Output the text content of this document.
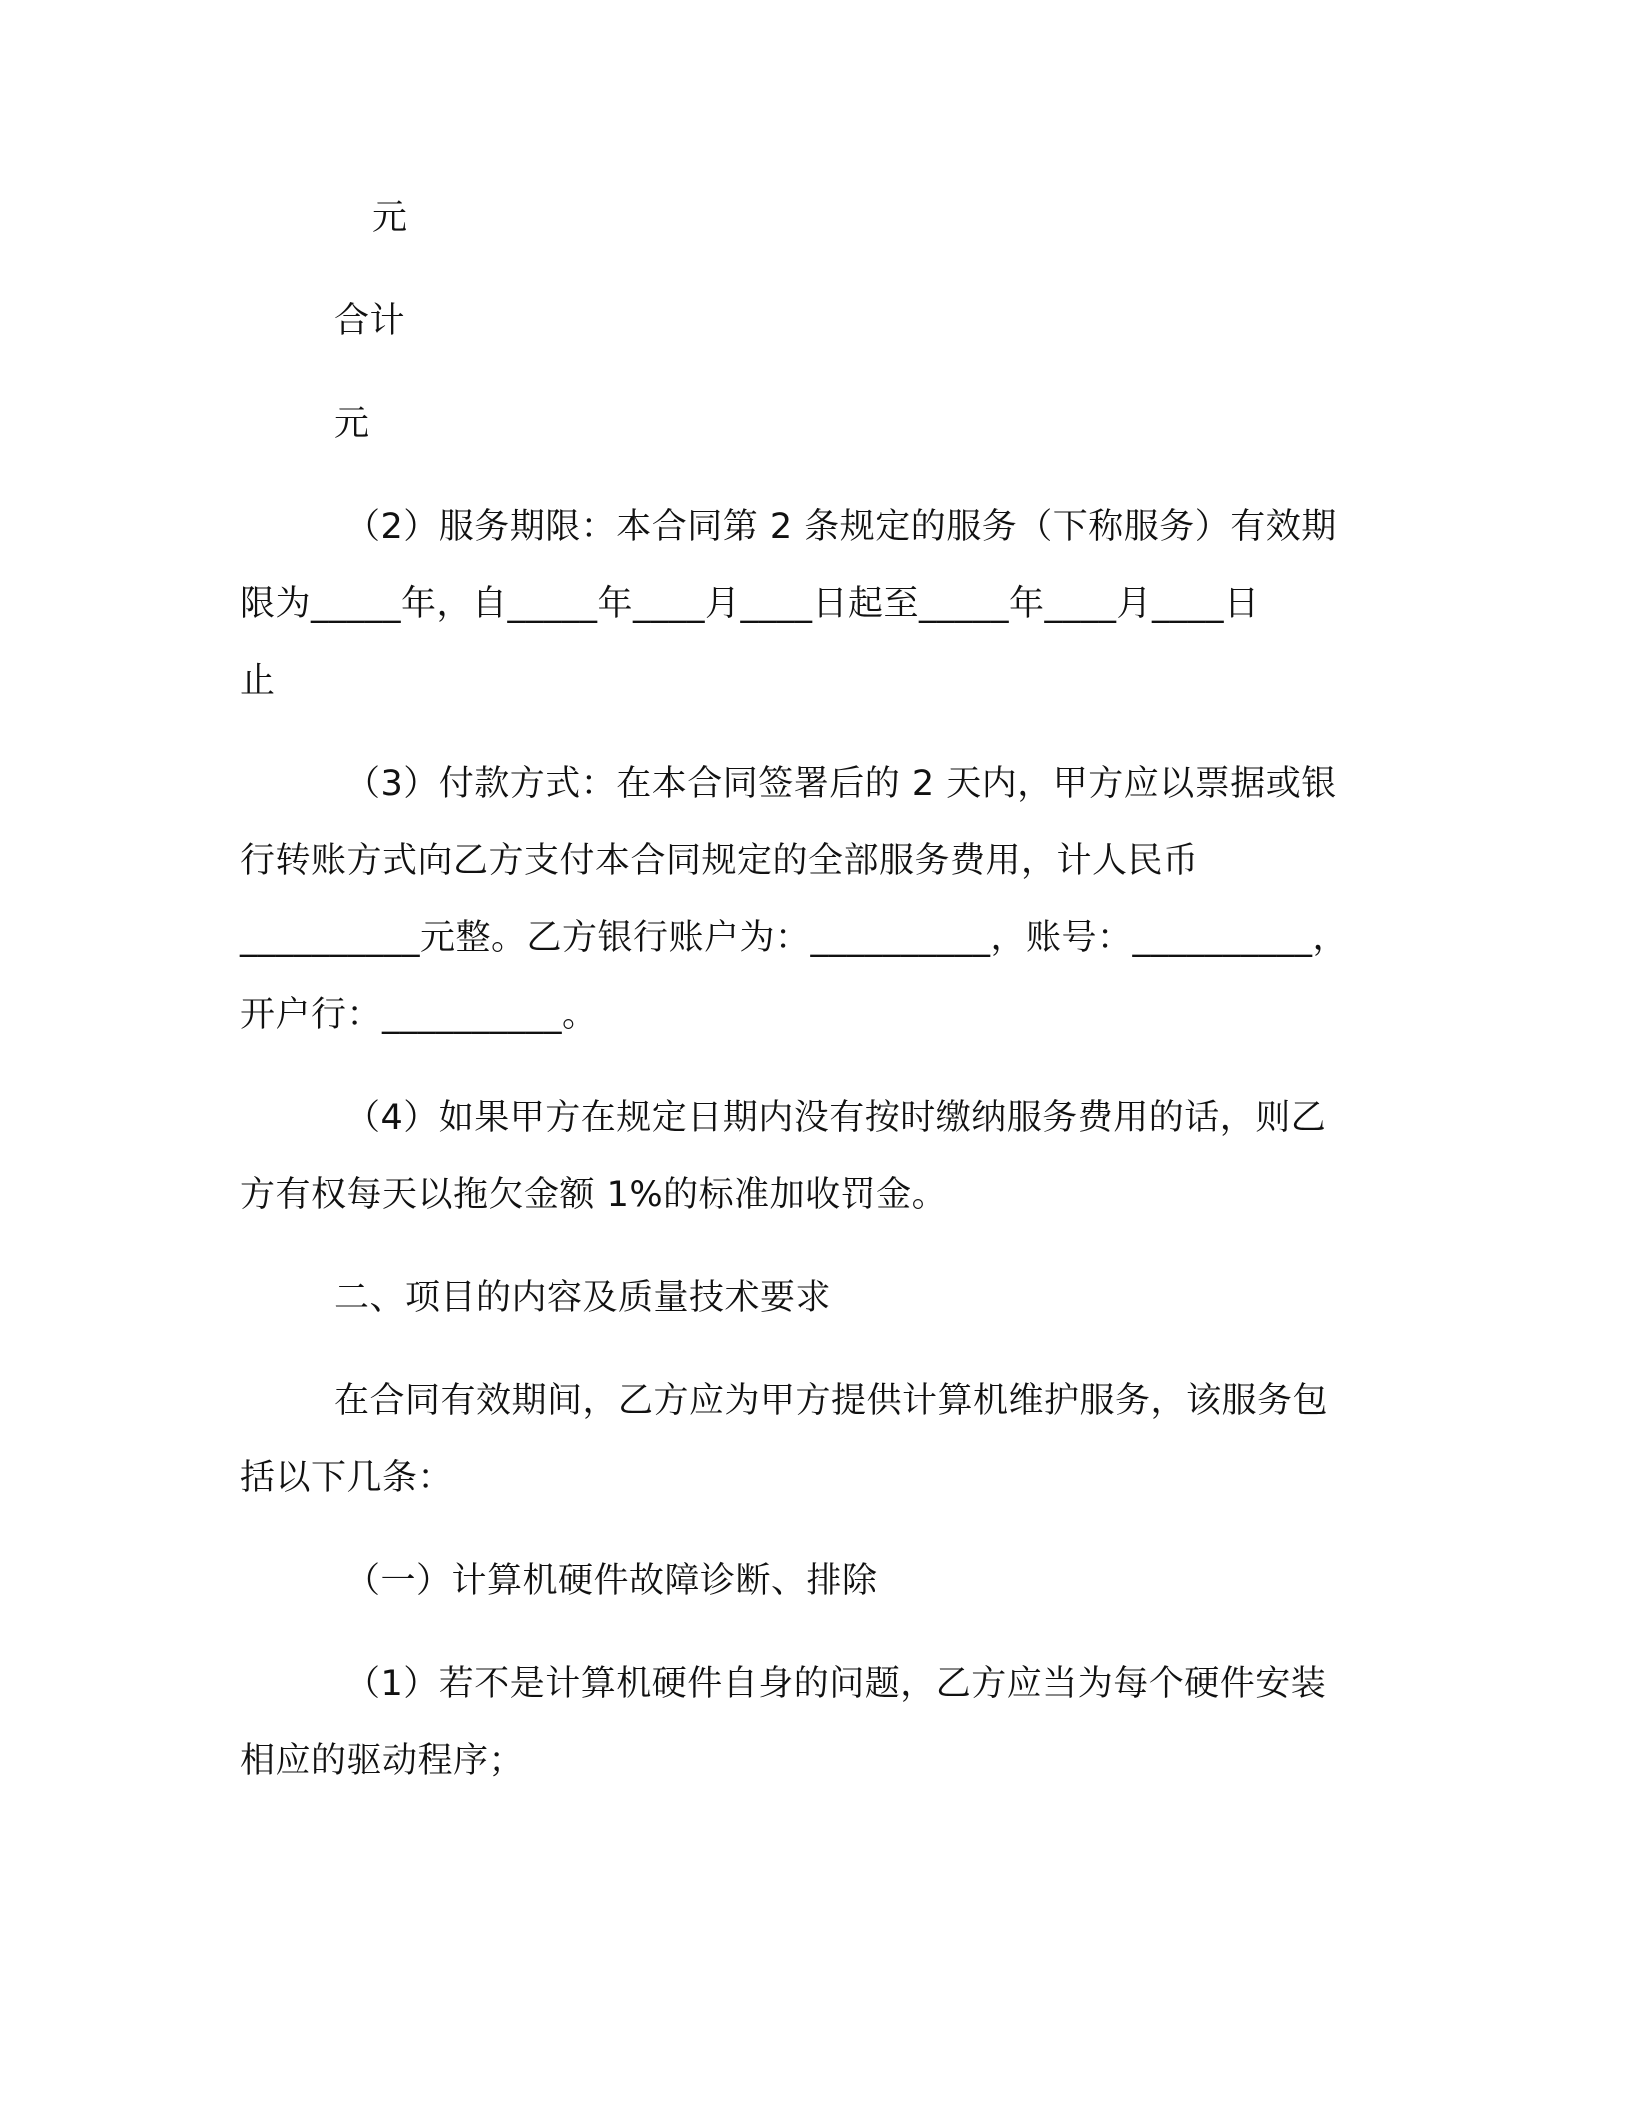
元
合计
元
（2）服务期限：本合同第 2 条规定的服务（下称服务）有效期
限为_____年，自_____年____月____日起至_____年____月____日
止
（3）付款方式：在本合同签署后的 2 天内，甲方应以票据或银
行转账方式向乙方支付本合同规定的全部服务费用，计人民币
__________元整。乙方银行账户为：__________，账号：__________，
开户行：__________。
（4）如果甲方在规定日期内没有按时缴纳服务费用的话，则乙
方有权每天以拖欠金额 1%的标准加收罚金。
二、项目的内容及质量技术要求
在合同有效期间，乙方应为甲方提供计算机维护服务，该服务包
括以下几条：
（一）计算机硬件故障诊断、排除
（1）若不是计算机硬件自身的问题，乙方应当为每个硬件安装
相应的驱动程序；
